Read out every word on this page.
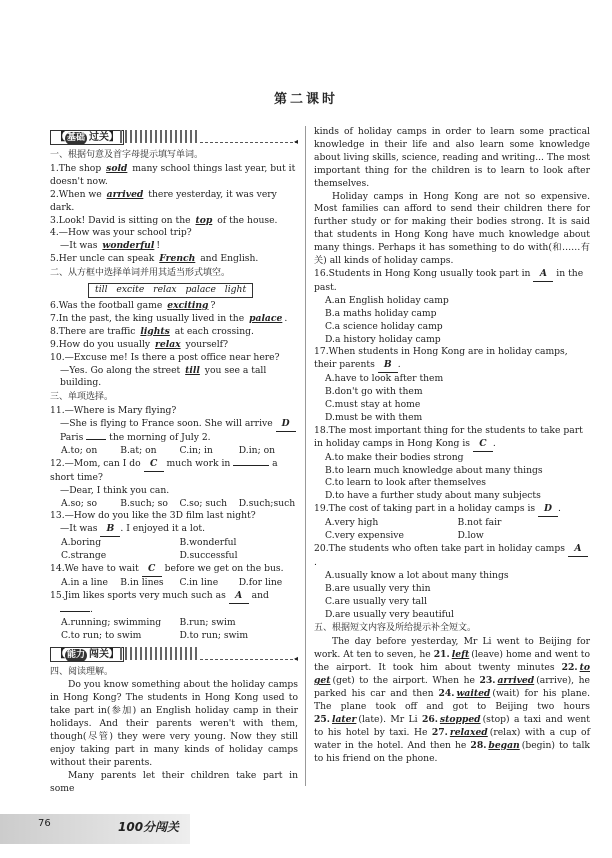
第二课时
【 基础 过关】	◂

一、根据句意及首字母提示填写单词。

1.The shop sold many school things last year, but it doesn't now.

2.When we arrived there yesterday, it was very dark.

3.Look! David is sitting on the top of the house.

4.—How was your school trip?

—It was wonderful !

5.Her uncle can speak French and English.

二、从方框中选择单词并用其适当形式填空。

till excite relax palace light

6.Was the football game exciting ?

7.In the past, the king usually lived in the palace .

8.There are traffic lights at each crossing.

9.How do you usually relax yourself?

10.—Excuse me! Is there a post office near here?

—Yes. Go along the street till you see a tall building.

三、单项选择。

11.—Where is Mary flying?

—She is flying to France soon. She will arrive D Paris  the morning of July 2.

A.to; on	B.at; on	C.in; in	D.in; on

12.—Mom, can I do C much work in	a short time?

—Dear, I think you can.

A.so; so	B.such; so	C.so; such	D.such;such

13.—How do you like the 3D film last night?

—It was B . I enjoyed it a lot.

A.boring	B.wonderful
C.strange	D.successful

14.We have to wait C before we get on the bus.

A.in a line	B.in lines	C.in line	D.for line

15.Jim likes sports very much such as A and

.

A.running; swimming	B.run; swim
C.to run; to swim	D.to run; swim
【 能力 闯关】	◂

四、阅读理解。

Do you know something about the holiday camps in Hong Kong? The students in Hong Kong used to take part in(参加) an English holiday camp in their holidays. And their parents weren't with them, though(尽管) they were very young. Now they still enjoy taking part in many kinds of holiday camps without their parents.

Many parents let their children take part in some

kinds of holiday camps in order to learn some practical knowledge in their life and also learn some knowledge about living skills, science, reading and writing... The most important thing for the children is to learn to look after themselves.

Holiday camps in Hong Kong are not so expensive. Most families can afford to send their children there for further study or for making their bodies strong. It is said that students in Hong Kong have much knowledge about many things. Perhaps it has something to do with(和……有关) all kinds of holiday camps.

16.Students in Hong Kong usually took part in A in the past.

A.an English holiday camp

B.a maths holiday camp

C.a science holiday camp

D.a history holiday camp

17.When students in Hong Kong are in holiday camps, their parents B .

A.have to look after them

B.don't go with them

C.must stay at home

D.must be with them

18.The most important thing for the students to take part in holiday camps in Hong Kong is C .

A.to make their bodies strong

B.to learn much knowledge about many things

C.to learn to look after themselves

D.to have a further study about many subjects

19.The cost of taking part in a holiday camps is D .

A.very high	B.not fair
C.very expensive	D.low

20.The students who often take part in holiday camps A.

A.usually know a lot about many things

B.are usually very thin

C.are usually very tall

D.are usually very beautiful

五、根据短文内容及所给提示补全短文。

The day before yesterday, Mr Li went to Beijing for work. At ten to seven, he 21. left (leave) home and went to the airport. It took him about twenty minutes 22. to get (get) to the airport. When he 23. arrived (arrive), he parked his car and then 24. waited (wait) for his plane. The plane took off and got to Beijing two hours 25. later (late). Mr Li 26. stopped (stop) a taxi and went to his hotel by taxi. He 27. relaxed (relax) with a cup of water in the hotel. And then he 28. began (begin) to talk to his friend on the phone.

76	100分闯关
